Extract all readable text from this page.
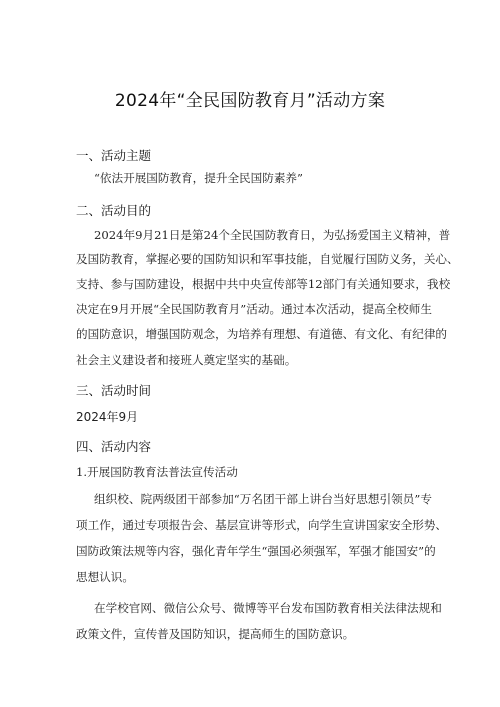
2024年“全民国防教育月”活动方案
一、活动主题
“依法开展国防教育，提升全民国防素养”
二、活动目的
2024年9月21日是第24个全民国防教育日，为弘扬爱国主义精神，普
及国防教育，掌握必要的国防知识和军事技能，自觉履行国防义务，关心、
支持、参与国防建设，根据中共中央宣传部等12部门有关通知要求，我校
决定在9月开展“全民国防教育月”活动。通过本次活动，提高全校师生
的国防意识，增强国防观念，为培养有理想、有道德、有文化、有纪律的
社会主义建设者和接班人奠定坚实的基础。
三、活动时间
2024年9月
四、活动内容
1.开展国防教育法普法宣传活动
组织校、院两级团干部参加“万名团干部上讲台当好思想引领员”专
项工作，通过专项报告会、基层宣讲等形式，向学生宣讲国家安全形势、
国防政策法规等内容，强化青年学生“强国必须强军，军强才能国安”的
思想认识。
在学校官网、微信公众号、微博等平台发布国防教育相关法律法规和
政策文件，宣传普及国防知识，提高师生的国防意识。
